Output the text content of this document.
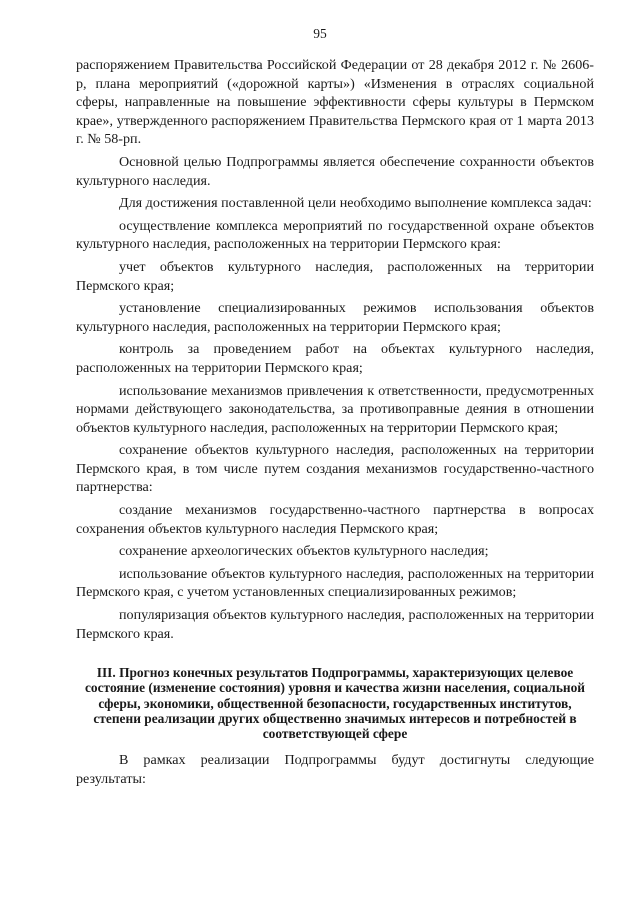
95

распоряжением Правительства Российской Федерации от 28 декабря 2012 г. № 2606-р, плана мероприятий («дорожной карты») «Изменения в отраслях социальной сферы, направленные на повышение эффективности сферы культуры в Пермском крае», утвержденного распоряжением Правительства Пермского края от 1 марта 2013 г. № 58-рп.

Основной целью Подпрограммы является обеспечение сохранности объектов культурного наследия.

Для достижения поставленной цели необходимо выполнение комплекса задач:

осуществление комплекса мероприятий по государственной охране объектов культурного наследия, расположенных на территории Пермского края:

учет объектов культурного наследия, расположенных на территории Пермского края;

установление специализированных режимов использования объектов культурного наследия, расположенных на территории Пермского края;

контроль за проведением работ на объектах культурного наследия, расположенных на территории Пермского края;

использование механизмов привлечения к ответственности, предусмотренных нормами действующего законодательства, за противоправные деяния в отношении объектов культурного наследия, расположенных на территории Пермского края;

сохранение объектов культурного наследия, расположенных на территории Пермского края, в том числе путем создания механизмов государственно-частного партнерства:

создание механизмов государственно-частного партнерства в вопросах сохранения объектов культурного наследия Пермского края;

сохранение археологических объектов культурного наследия;

использование объектов культурного наследия, расположенных на территории Пермского края, с учетом установленных специализированных режимов;

популяризация объектов культурного наследия, расположенных на территории Пермского края.

III. Прогноз конечных результатов Подпрограммы, характеризующих целевое состояние (изменение состояния) уровня и качества жизни населения, социальной сферы, экономики, общественной безопасности, государственных институтов, степени реализации других общественно значимых интересов и потребностей в соответствующей сфере

В рамках реализации Подпрограммы будут достигнуты следующие результаты:
